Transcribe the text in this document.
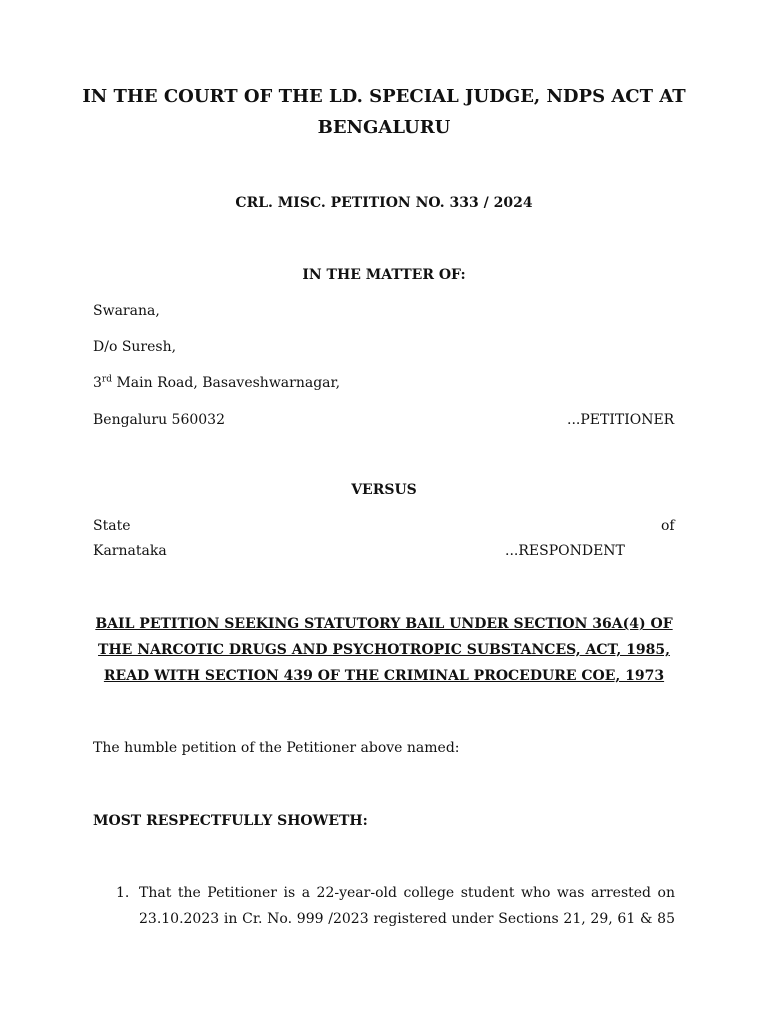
IN THE COURT OF THE LD. SPECIAL JUDGE, NDPS ACT AT
BENGALURU
CRL. MISC. PETITION NO. 333 / 2024
IN THE MATTER OF:
Swarana,
D/o Suresh,
3rd Main Road, Basaveshwarnagar,
Bengaluru 560032	...PETITIONER
VERSUS
State	of
Karnataka	...RESPONDENT
BAIL PETITION SEEKING STATUTORY BAIL UNDER SECTION 36A(4) OF
THE NARCOTIC DRUGS AND PSYCHOTROPIC SUBSTANCES, ACT, 1985,
READ WITH SECTION 439 OF THE CRIMINAL PROCEDURE COE, 1973
The humble petition of the Petitioner above named:
MOST RESPECTFULLY SHOWETH:
1. That the Petitioner is a 22-year-old college student who was arrested on
23.10.2023 in Cr. No. 999 /2023 registered under Sections 21, 29, 61 & 85
